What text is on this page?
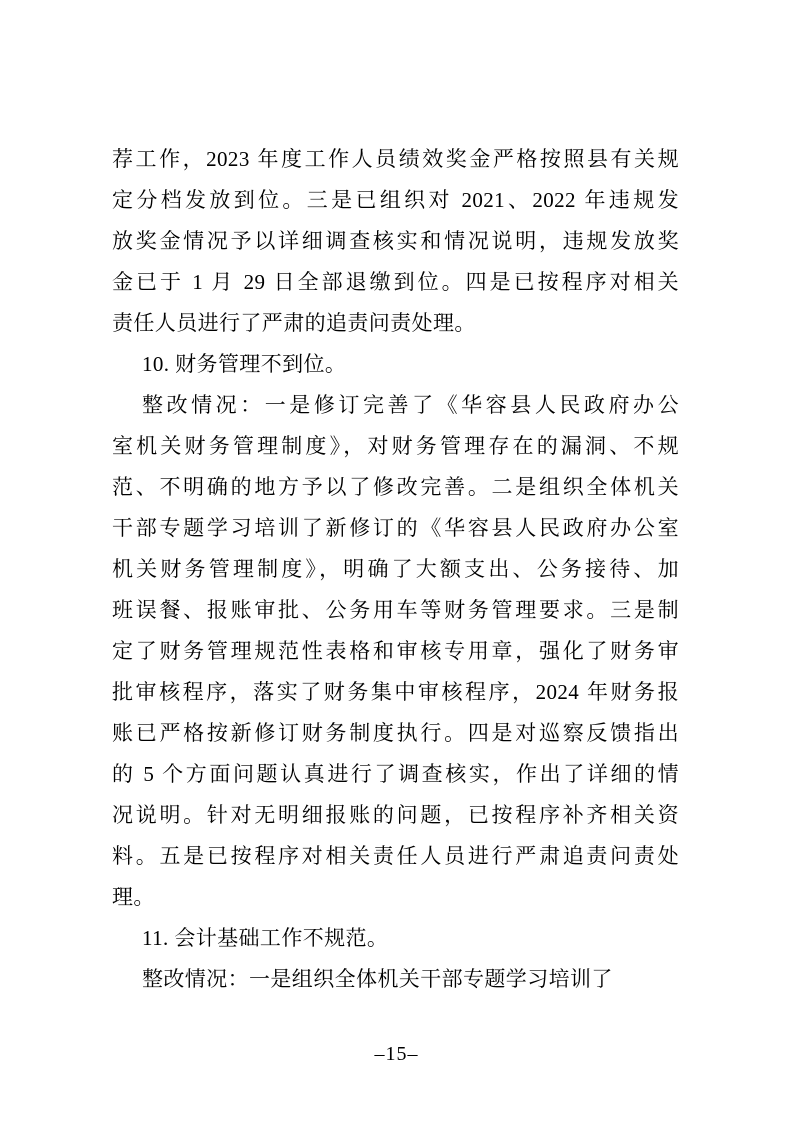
荐工作，2023 年度工作人员绩效奖金严格按照县有关规
定分档发放到位。三是已组织对 2021、2022 年违规发
放奖金情况予以详细调查核实和情况说明，违规发放奖
金已于 1 月 29 日全部退缴到位。四是已按程序对相关
责任人员进行了严肃的追责问责处理。
10. 财务管理不到位。
整改情况：一是修订完善了《华容县人民政府办公
室机关财务管理制度》，对财务管理存在的漏洞、不规
范、不明确的地方予以了修改完善。二是组织全体机关
干部专题学习培训了新修订的《华容县人民政府办公室
机关财务管理制度》，明确了大额支出、公务接待、加
班误餐、报账审批、公务用车等财务管理要求。三是制
定了财务管理规范性表格和审核专用章，强化了财务审
批审核程序，落实了财务集中审核程序，2024 年财务报
账已严格按新修订财务制度执行。四是对巡察反馈指出
的 5 个方面问题认真进行了调查核实，作出了详细的情
况说明。针对无明细报账的问题，已按程序补齐相关资
料。五是已按程序对相关责任人员进行严肃追责问责处
理。
11. 会计基础工作不规范。
整改情况：一是组织全体机关干部专题学习培训了
–15–
